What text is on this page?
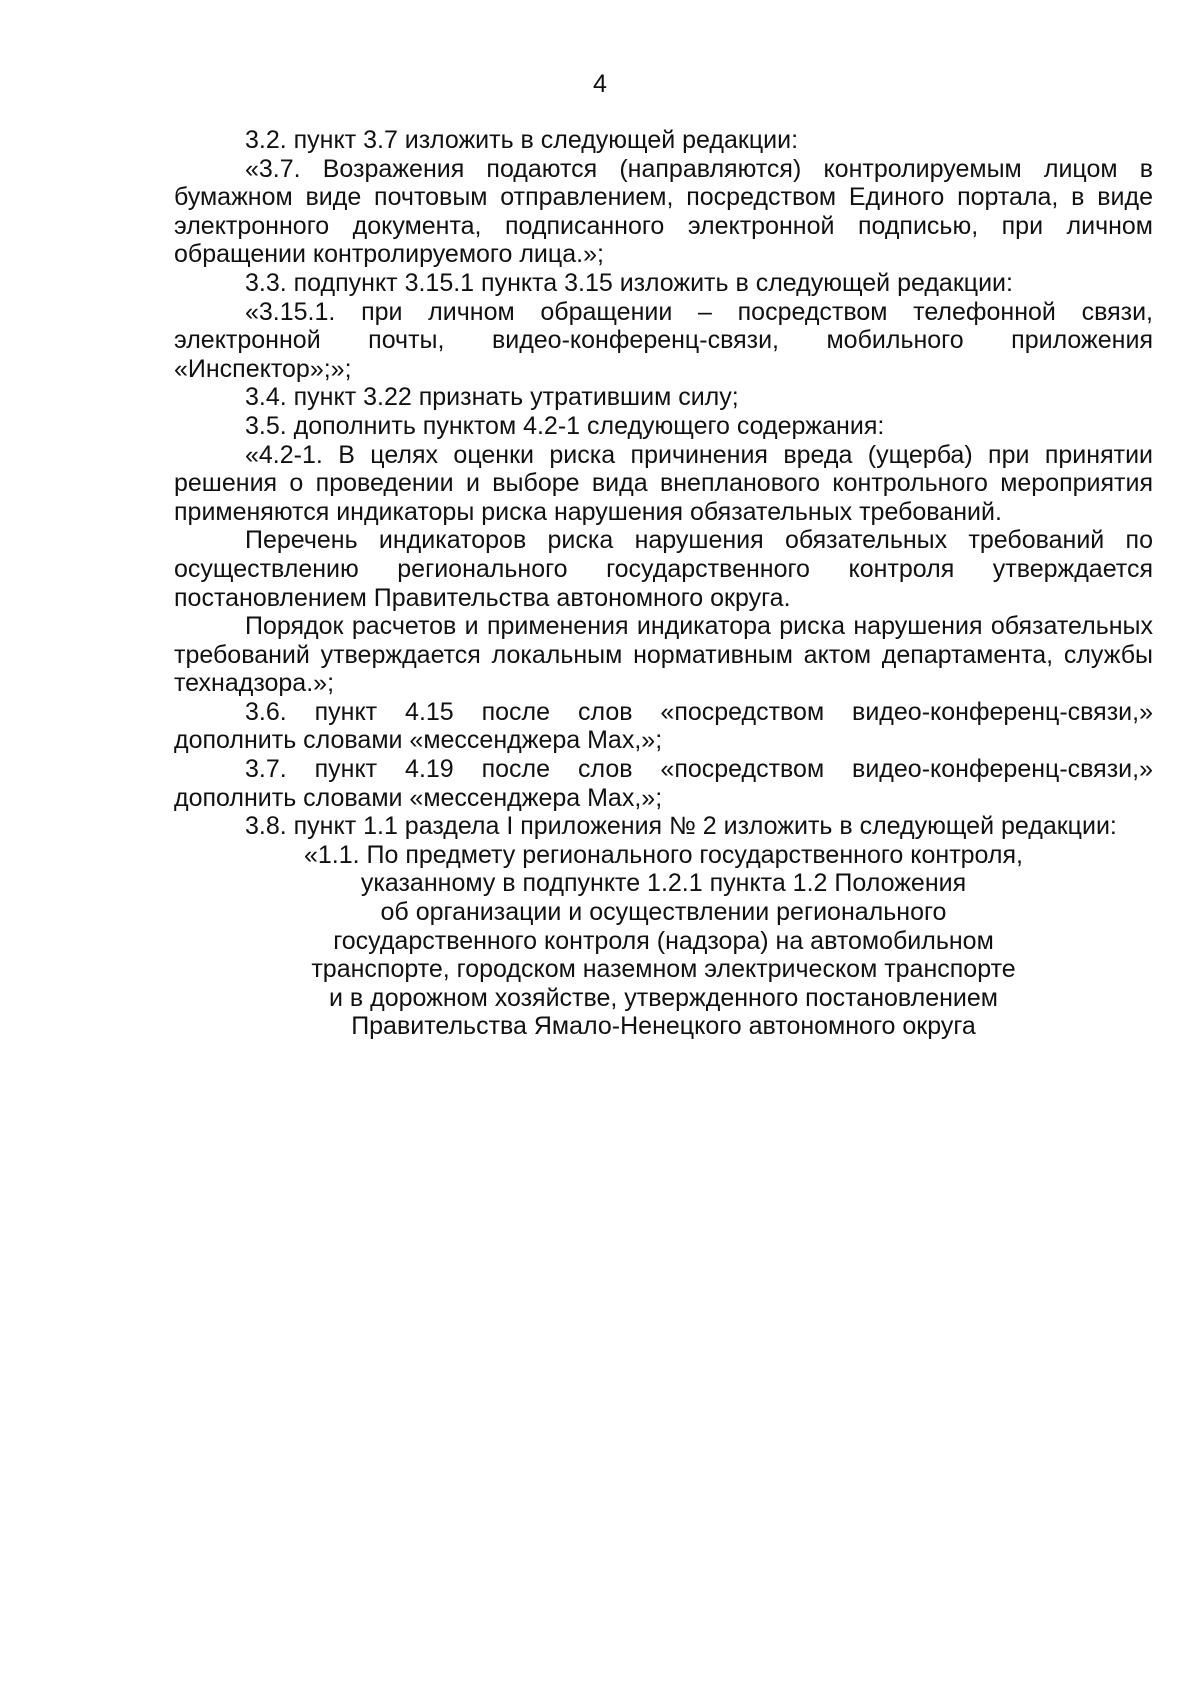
4

3.2. пункт 3.7 изложить в следующей редакции:

«3.7. Возражения подаются (направляются) контролируемым лицом в бумажном виде почтовым отправлением, посредством Единого портала, в виде электронного документа, подписанного электронной подписью, при личном обращении контролируемого лица.»;

3.3. подпункт 3.15.1 пункта 3.15 изложить в следующей редакции:

«3.15.1. при личном обращении – посредством телефонной связи, электронной почты, видео-конференц-связи, мобильного приложения «Инспектор»;»;

3.4. пункт 3.22 признать утратившим силу;

3.5. дополнить пунктом 4.2-1 следующего содержания:

«4.2-1. В целях оценки риска причинения вреда (ущерба) при принятии решения о проведении и выборе вида внепланового контрольного мероприятия применяются индикаторы риска нарушения обязательных требований.

Перечень индикаторов риска нарушения обязательных требований по осуществлению регионального государственного контроля утверждается постановлением Правительства автономного округа.

Порядок расчетов и применения индикатора риска нарушения обязательных требований утверждается локальным нормативным актом департамента, службы технадзора.»;

3.6. пункт 4.15 после слов «посредством видео-конференц-связи,» дополнить словами «мессенджера Max,»;

3.7. пункт 4.19 после слов «посредством видео-конференц-связи,» дополнить словами «мессенджера Max,»;

3.8. пункт 1.1 раздела I приложения № 2 изложить в следующей редакции:

«1.1. По предмету регионального государственного контроля,
указанному в подпункте 1.2.1 пункта 1.2 Положения
об организации и осуществлении регионального
государственного контроля (надзора) на автомобильном
транспорте, городском наземном электрическом транспорте
и в дорожном хозяйстве, утвержденного постановлением
Правительства Ямало-Ненецкого автономного округа
